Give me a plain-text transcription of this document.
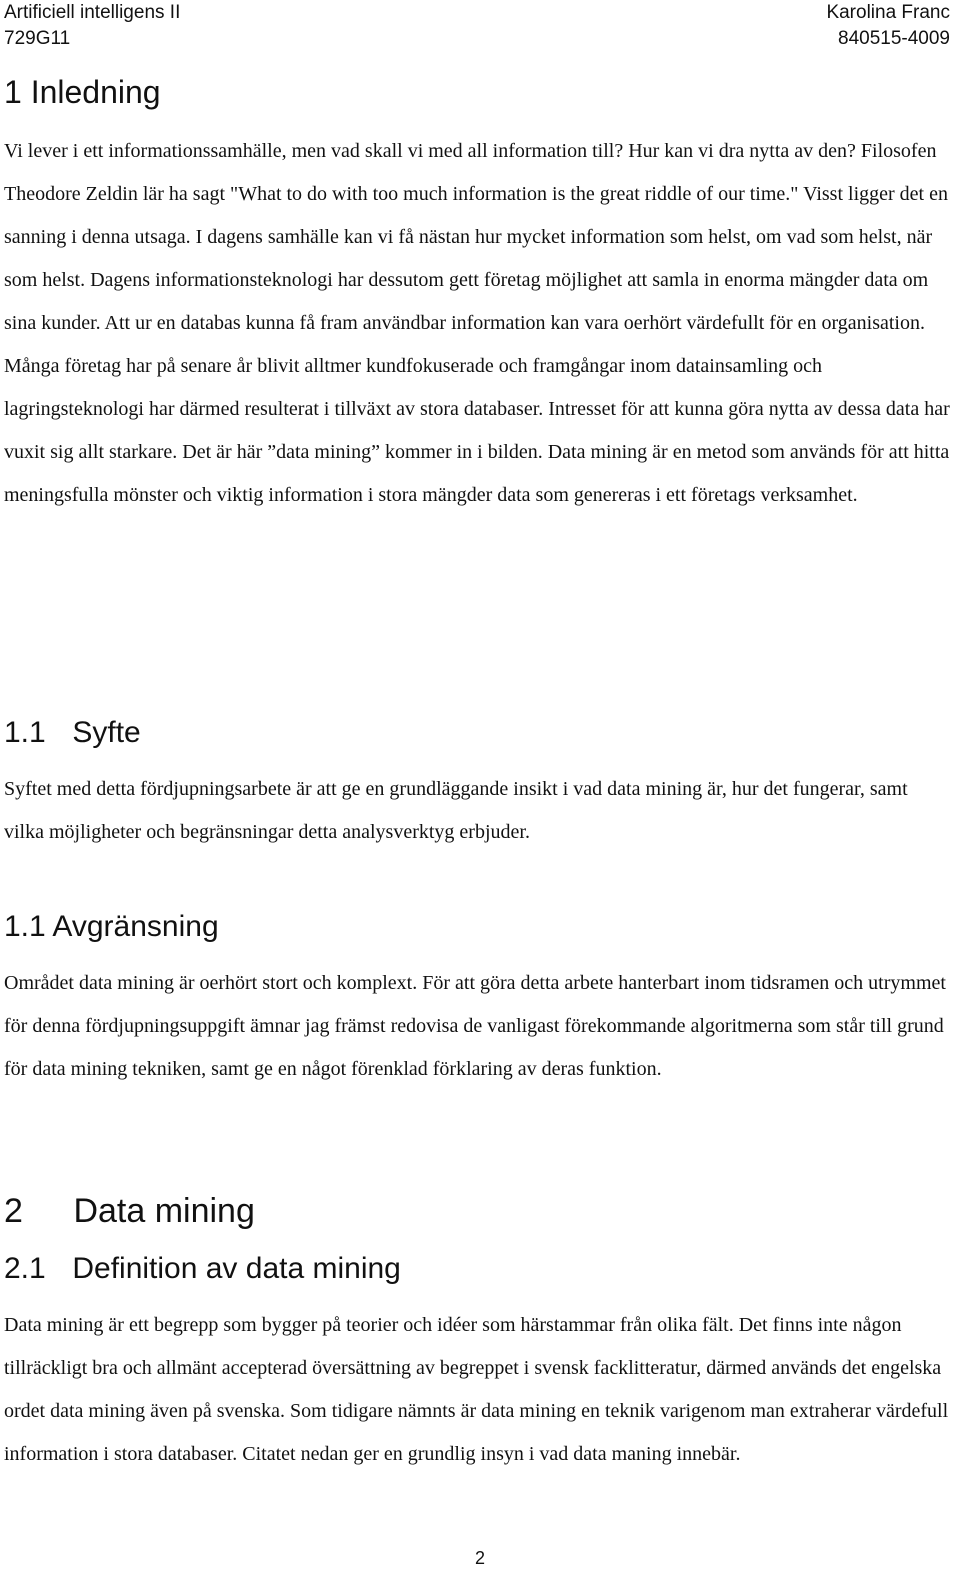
Artificiell intelligens II
729G11
Karolina Franc
840515-4009
1 Inledning

Vi lever i ett informationssamhälle, men vad skall vi med all information till? Hur kan vi dra nytta av den? Filosofen Theodore Zeldin lär ha sagt "What to do with too much information is the great riddle of our time." Visst ligger det en sanning i denna utsaga. I dagens samhälle kan vi få nästan hur mycket information som helst, om vad som helst, när som helst. Dagens informationsteknologi har dessutom gett företag möjlighet att samla in enorma mängder data om sina kunder. Att ur en databas kunna få fram användbar information kan vara oerhört värdefullt för en organisation. Många företag har på senare år blivit alltmer kundfokuserade och framgångar inom datainsamling och lagringsteknologi har därmed resulterat i tillväxt av stora databaser. Intresset för att kunna göra nytta av dessa data har vuxit sig allt starkare. Det är här ”data mining” kommer in i bilden. Data mining är en metod som används för att hitta meningsfulla mönster och viktig information i stora mängder data som genereras i ett företags verksamhet.

1.1 Syfte

Syftet med detta fördjupningsarbete är att ge en grundläggande insikt i vad data mining är, hur det fungerar, samt vilka möjligheter och begränsningar detta analysverktyg erbjuder.

1.1 Avgränsning

Området data mining är oerhört stort och komplext. För att göra detta arbete hanterbart inom tidsramen och utrymmet för denna fördjupningsuppgift ämnar jag främst redovisa de vanligast förekommande algoritmerna som står till grund för data mining tekniken, samt ge en något förenklad förklaring av deras funktion.

2 Data mining
2.1 Definition av data mining

Data mining är ett begrepp som bygger på teorier och idéer som härstammar från olika fält. Det finns inte någon tillräckligt bra och allmänt accepterad översättning av begreppet i svensk facklitteratur, därmed används det engelska ordet data mining även på svenska. Som tidigare nämnts är data mining en teknik varigenom man extraherar värdefull information i stora databaser. Citatet nedan ger en grundlig insyn i vad data maning innebär.

2
